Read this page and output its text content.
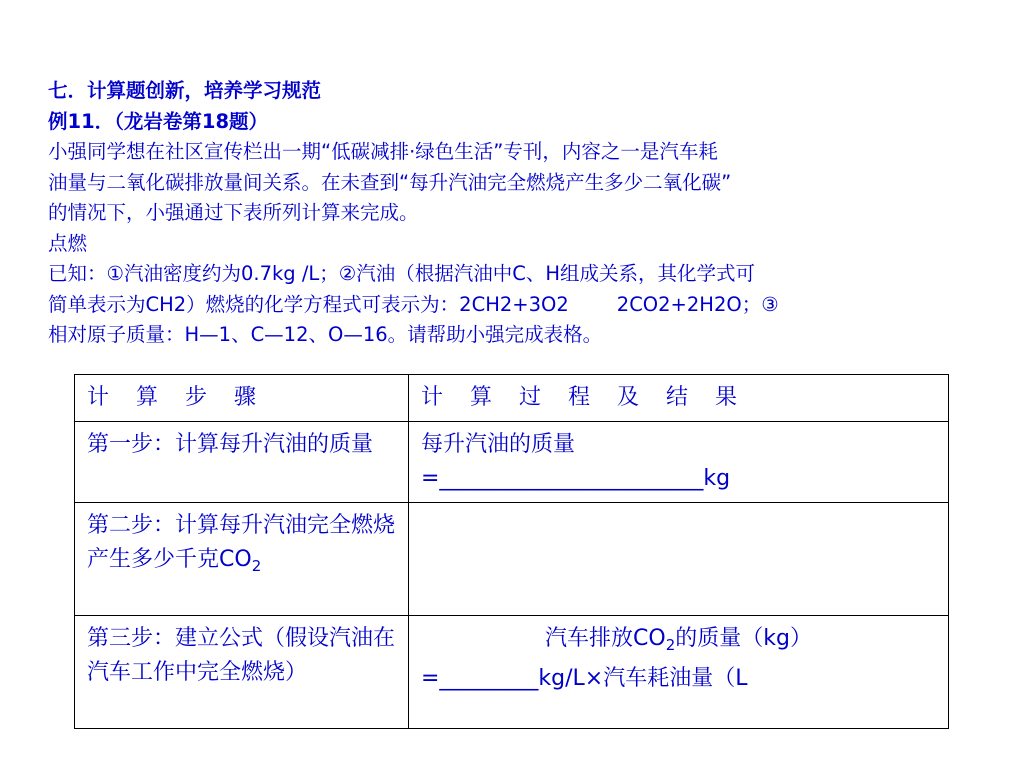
七．计算题创新，培养学习规范
例11．（龙岩卷第18题）
小强同学想在社区宣传栏出一期“低碳减排·绿色生活”专刊，内容之一是汽车耗
油量与二氧化碳排放量间关系。在未查到“每升汽油完全燃烧产生多少二氧化碳”
的情况下，小强通过下表所列计算来完成。
点燃
已知：①汽油密度约为0.7kg /L；②汽油（根据汽油中C、H组成关系，其化学式可
简单表示为CH2）燃烧的化学方程式可表示为：2CH2+3O2 2CO2+2H2O；③
相对原子质量：H—1、C—12、O—16。请帮助小强完成表格。
计 算 步 骤	计 算 过 程 及 结 果
第一步：计算每升汽油的质量	每升汽油的质量
=________________________kg

第二步：计算每升汽油完全燃烧产生多少千克$CO_2$	
第三步：建立公式（假设汽油在汽车工作中完全燃烧）	汽车排放$CO_2$的质量（kg）
=_________kg/L×汽车耗油量（L
